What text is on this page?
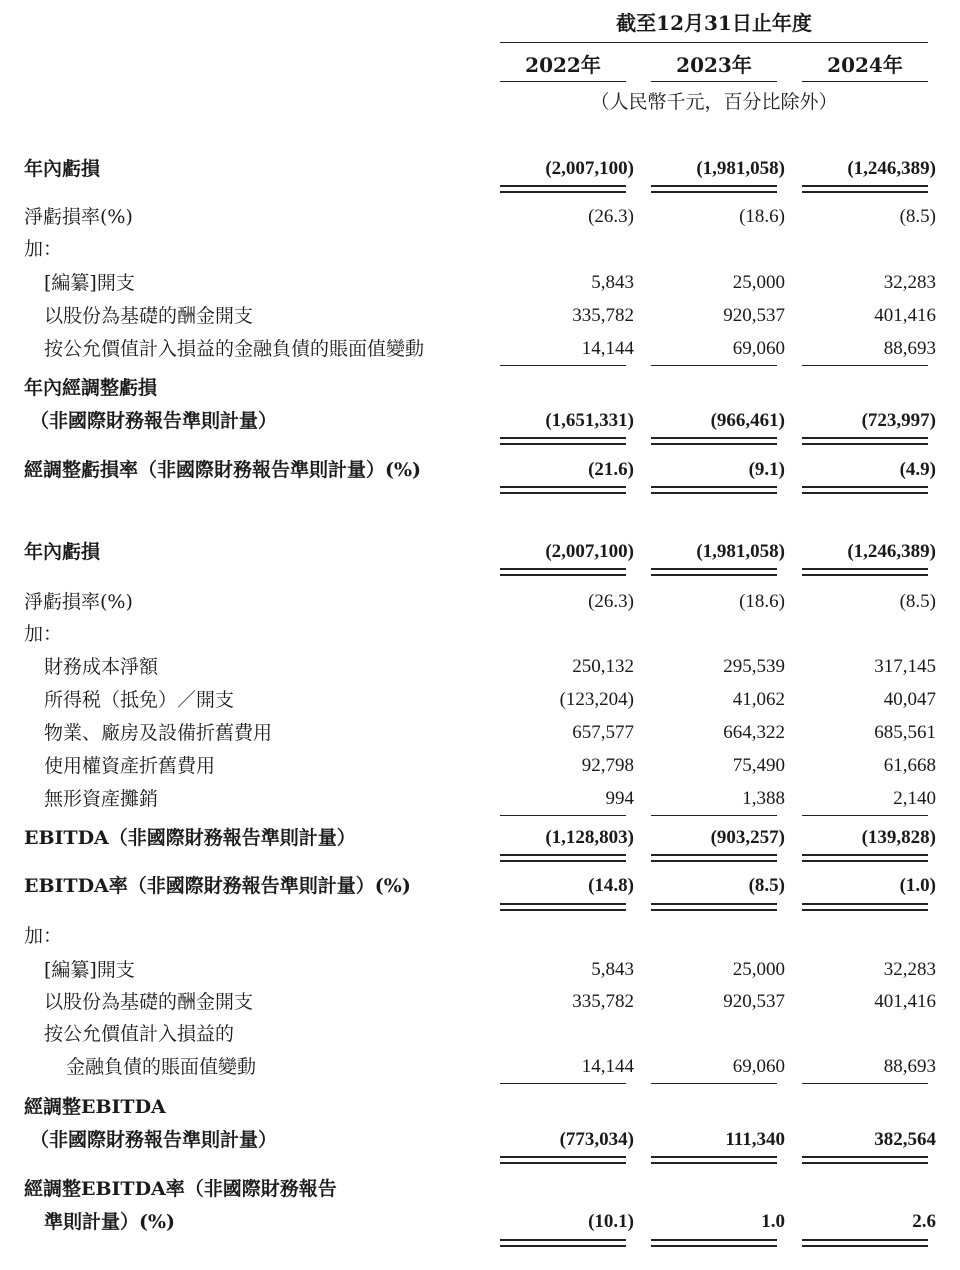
截至12月31日止年度
2022年	2023年	2024年
（人民幣千元，百分比除外）
年內虧損	(2,007,100)	(1,981,058)	(1,246,389)
淨虧損率(%)	(26.3)	(18.6)	(8.5)
加：
[編纂]開支	5,843	25,000	32,283
以股份為基礎的酬金開支	335,782	920,537	401,416
按公允價值計入損益的金融負債的賬面值變動	14,144	69,060	88,693
年內經調整虧損
（非國際財務報告準則計量）	(1,651,331)	(966,461)	(723,997)
經調整虧損率（非國際財務報告準則計量）(%)	(21.6)	(9.1)	(4.9)
年內虧損	(2,007,100)	(1,981,058)	(1,246,389)
淨虧損率(%)	(26.3)	(18.6)	(8.5)
加：
財務成本淨額	250,132	295,539	317,145
所得税（抵免）／開支	(123,204)	41,062	40,047
物業、廠房及設備折舊費用	657,577	664,322	685,561
使用權資產折舊費用	92,798	75,490	61,668
無形資產攤銷	994	1,388	2,140
EBITDA（非國際財務報告準則計量）	(1,128,803)	(903,257)	(139,828)
EBITDA率（非國際財務報告準則計量）(%)	(14.8)	(8.5)	(1.0)
加：
[編纂]開支	5,843	25,000	32,283
以股份為基礎的酬金開支	335,782	920,537	401,416
按公允價值計入損益的
金融負債的賬面值變動	14,144	69,060	88,693
經調整EBITDA
（非國際財務報告準則計量）	(773,034)	111,340	382,564
經調整EBITDA率（非國際財務報告
準則計量）(%)	(10.1)	1.0	2.6
